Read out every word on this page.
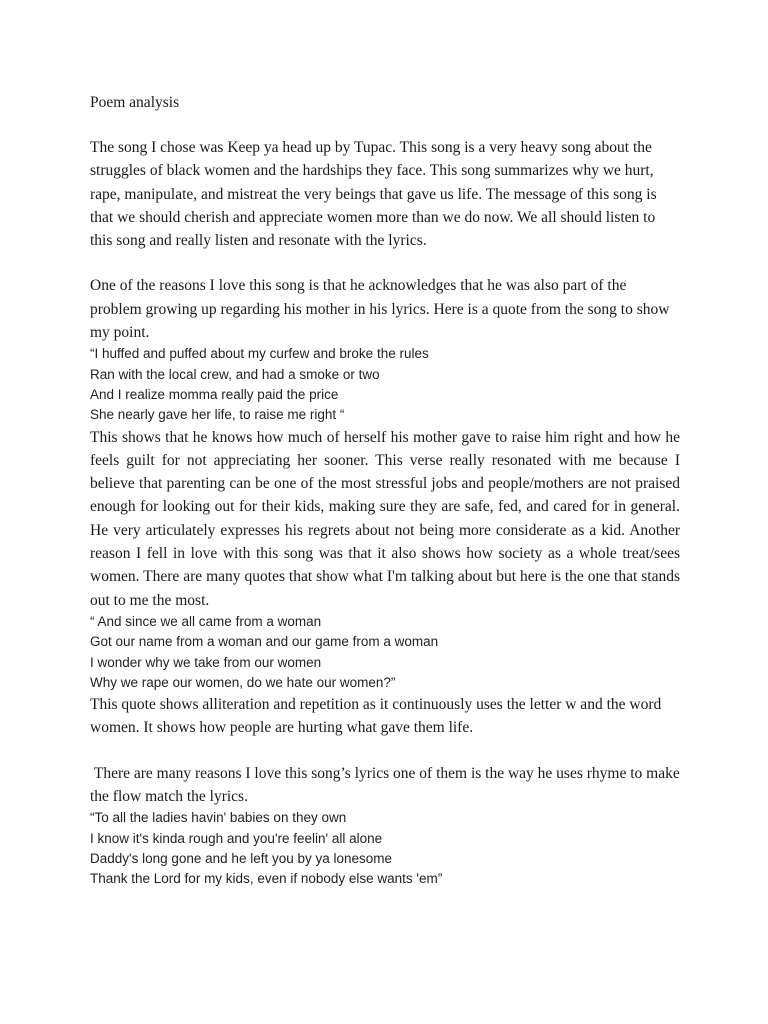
Poem analysis

The song I chose was Keep ya head up by Tupac. This song is a very heavy song about the struggles of black women and the hardships they face. This song summarizes why we hurt, rape, manipulate, and mistreat the very beings that gave us life. The message of this song is that we should cherish and appreciate women more than we do now. We all should listen to this song and really listen and resonate with the lyrics.

One of the reasons I love this song is that he acknowledges that he was also part of the problem growing up regarding his mother in his lyrics. Here is a quote from the song to show my point.

“I huffed and puffed about my curfew and broke the rules
Ran with the local crew, and had a smoke or two
And I realize momma really paid the price
She nearly gave her life, to raise me right “

This shows that he knows how much of herself his mother gave to raise him right and how he feels guilt for not appreciating her sooner. This verse really resonated with me because I believe that parenting can be one of the most stressful jobs and people/mothers are not praised enough for looking out for their kids, making sure they are safe, fed, and cared for in general. He very articulately expresses his regrets about not being more considerate as a kid. Another reason I fell in love with this song was that it also shows how society as a whole treat/sees women. There are many quotes that show what I'm talking about but here is the one that stands out to me the most.

“ And since we all came from a woman
Got our name from a woman and our game from a woman
I wonder why we take from our women
Why we rape our women, do we hate our women?”

This quote shows alliteration and repetition as it continuously uses the letter w and the word women. It shows how people are hurting what gave them life.

There are many reasons I love this song’s lyrics one of them is the way he uses rhyme to make the flow match the lyrics.

“To all the ladies havin' babies on they own
I know it's kinda rough and you're feelin' all alone
Daddy's long gone and he left you by ya lonesome
Thank the Lord for my kids, even if nobody else wants 'em”
